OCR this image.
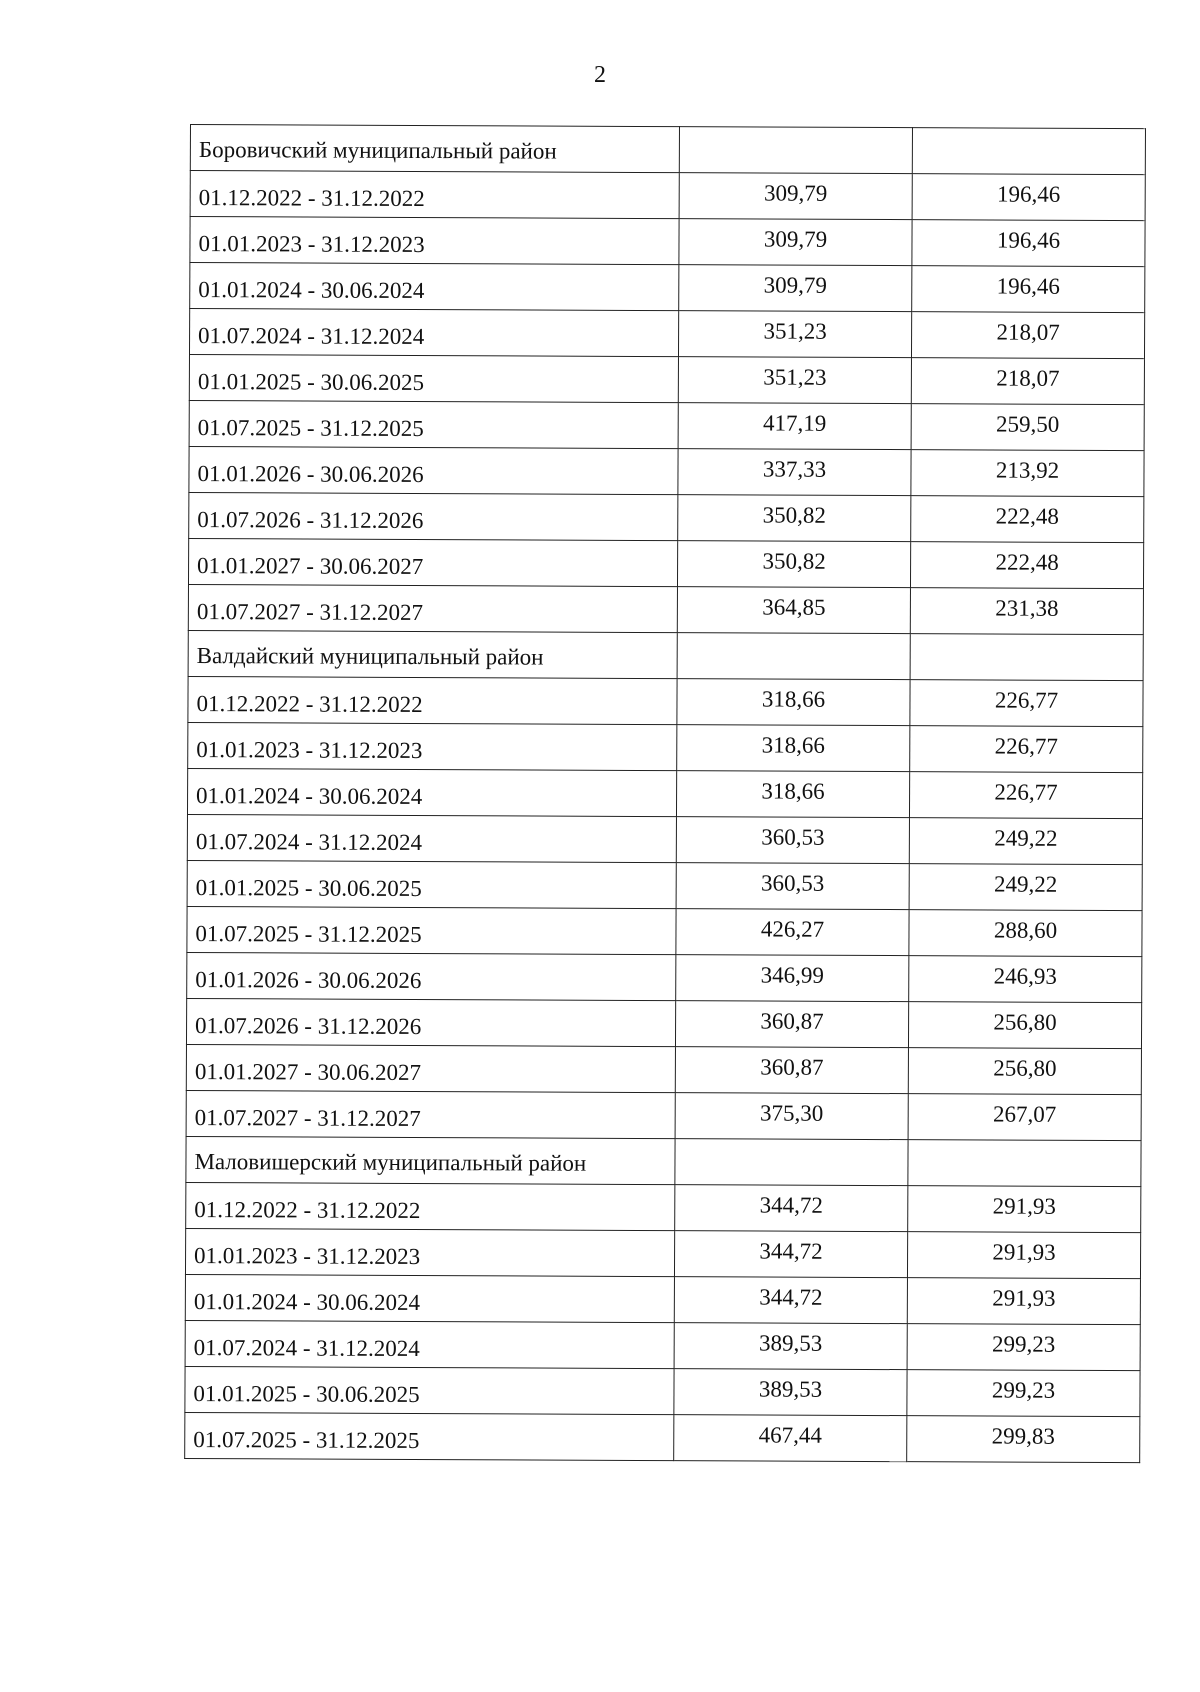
2
Боровичский муниципальный район		
01.12.2022 - 31.12.2022	309,79	196,46
01.01.2023 - 31.12.2023	309,79	196,46
01.01.2024 - 30.06.2024	309,79	196,46
01.07.2024 - 31.12.2024	351,23	218,07
01.01.2025 - 30.06.2025	351,23	218,07
01.07.2025 - 31.12.2025	417,19	259,50
01.01.2026 - 30.06.2026	337,33	213,92
01.07.2026 - 31.12.2026	350,82	222,48
01.01.2027 - 30.06.2027	350,82	222,48
01.07.2027 - 31.12.2027	364,85	231,38
Валдайский муниципальный район		
01.12.2022 - 31.12.2022	318,66	226,77
01.01.2023 - 31.12.2023	318,66	226,77
01.01.2024 - 30.06.2024	318,66	226,77
01.07.2024 - 31.12.2024	360,53	249,22
01.01.2025 - 30.06.2025	360,53	249,22
01.07.2025 - 31.12.2025	426,27	288,60
01.01.2026 - 30.06.2026	346,99	246,93
01.07.2026 - 31.12.2026	360,87	256,80
01.01.2027 - 30.06.2027	360,87	256,80
01.07.2027 - 31.12.2027	375,30	267,07
Маловишерский муниципальный район		
01.12.2022 - 31.12.2022	344,72	291,93
01.01.2023 - 31.12.2023	344,72	291,93
01.01.2024 - 30.06.2024	344,72	291,93
01.07.2024 - 31.12.2024	389,53	299,23
01.01.2025 - 30.06.2025	389,53	299,23
01.07.2025 - 31.12.2025	467,44	299,83
